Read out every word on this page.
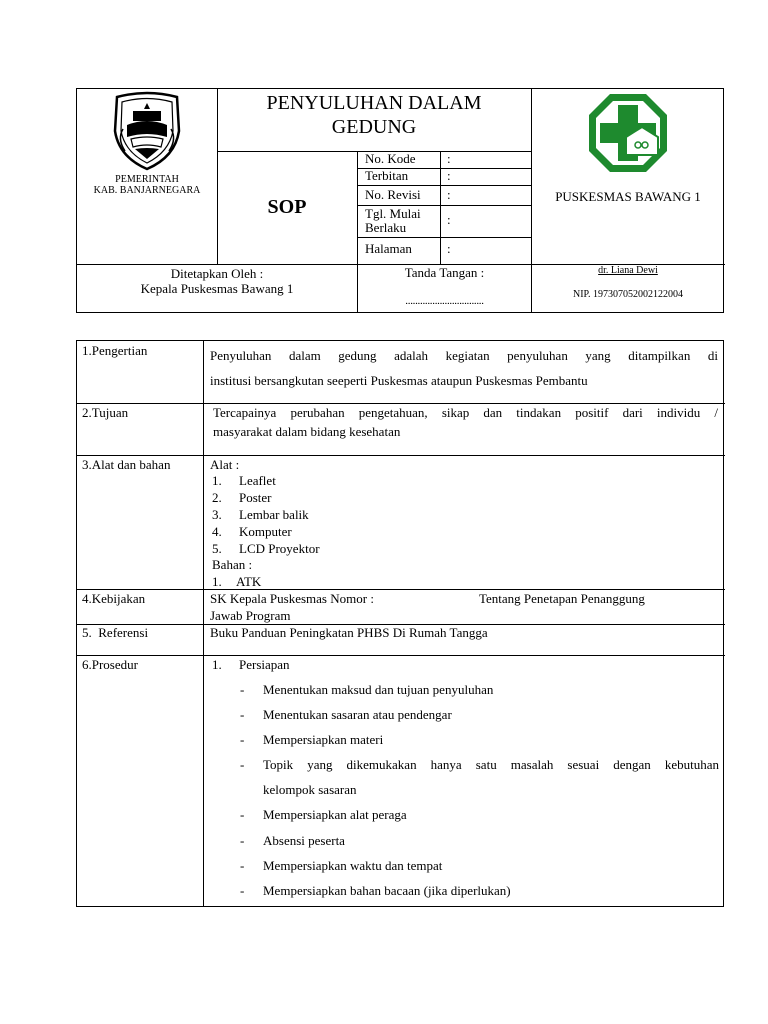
PEMERINTAH
KAB. BANJARNEGARA
PENYULUHAN DALAM
GEDUNG
SOP
No. Kode :
Terbitan	:
No. Revisi :
Tgl. Mulai
Berlaku
:
Halaman	:
PUSKESMAS BAWANG 1
Ditetapkan Oleh :
Kepala Puskesmas Bawang 1
Tanda Tangan :
................................
dr. Liana Dewi
NIP. 197307052002122004
1.Pengertian	Penyuluhan dalam gedung adalah kegiatan penyuluhan yang ditampilkan di
institusi bersangkutan seeperti Puskesmas ataupun Puskesmas Pembantu
2.Tujuan	Tercapainya perubahan pengetahuan, sikap dan tindakan positif dari individu /
masyarakat dalam bidang kesehatan
3.Alat dan bahan	Alat :
1. Leaflet
2. Poster
3. Lembar balik
4. Komputer
5. LCD Proyektor
Bahan :
1. ATK
4.Kebijakan	SK Kepala Puskesmas Nomor :	Tentang Penetapan Penanggung
Jawab Program
5.  Referensi	Buku Panduan Peningkatan PHBS Di Rumah Tangga
6.Prosedur	1. Persiapan
- Menentukan maksud dan tujuan penyuluhan
- Menentukan sasaran atau pendengar
- Mempersiapkan materi
- Topik yang dikemukakan hanya satu masalah sesuai dengan kebutuhan
kelompok sasaran
- Mempersiapkan alat peraga
- Absensi peserta
- Mempersiapkan waktu dan tempat
- Mempersiapkan bahan bacaan (jika diperlukan)
